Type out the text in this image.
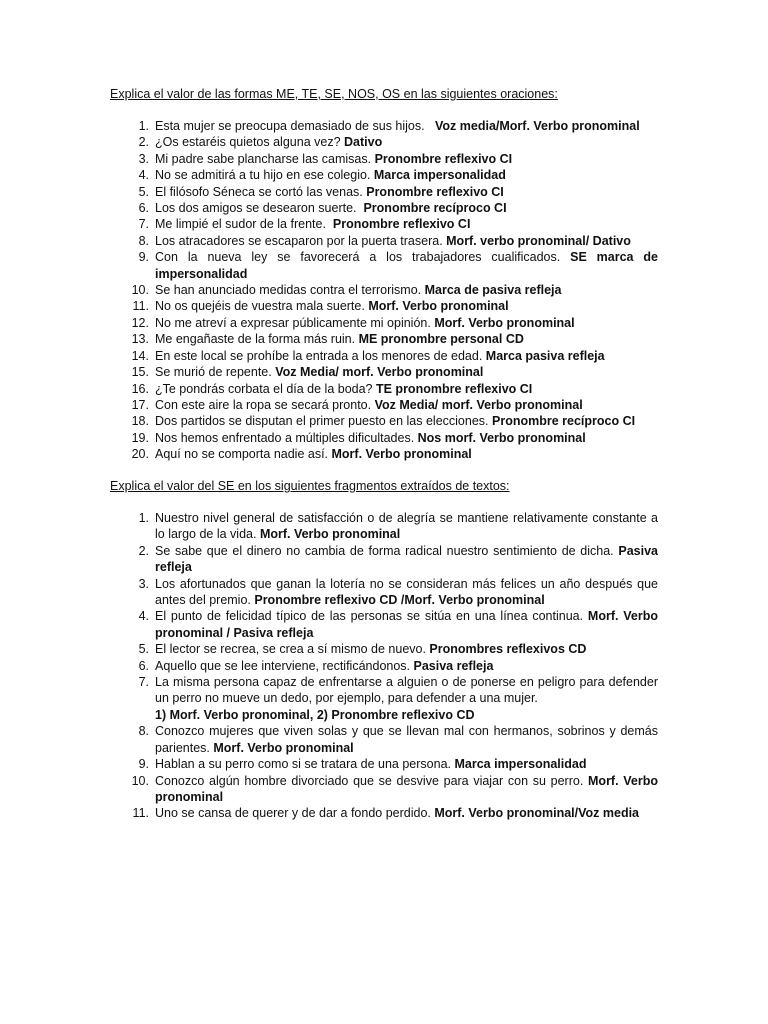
Explica el valor de las formas ME, TE, SE, NOS, OS en las siguientes oraciones:

1. Esta mujer se preocupa demasiado de sus hijos.   Voz media/Morf. Verbo pronominal
2. ¿Os estaréis quietos alguna vez? Dativo
3. Mi padre sabe plancharse las camisas. Pronombre reflexivo CI
4. No se admitirá a tu hijo en ese colegio. Marca impersonalidad
5. El filósofo Séneca se cortó las venas. Pronombre reflexivo CI
6. Los dos amigos se desearon suerte.  Pronombre recíproco CI
7. Me limpié el sudor de la frente.  Pronombre reflexivo CI
8. Los atracadores se escaparon por la puerta trasera. Morf. verbo pronominal/ Dativo
9. Con la nueva ley se favorecerá a los trabajadores cualificados. SE marca de impersonalidad
10. Se han anunciado medidas contra el terrorismo. Marca de pasiva refleja
11. No os quejéis de vuestra mala suerte. Morf. Verbo pronominal
12. No me atreví a expresar públicamente mi opinión. Morf. Verbo pronominal
13. Me engañaste de la forma más ruin. ME pronombre personal CD
14. En este local se prohíbe la entrada a los menores de edad. Marca pasiva refleja
15. Se murió de repente. Voz Media/ morf. Verbo pronominal
16. ¿Te pondrás corbata el día de la boda? TE pronombre reflexivo CI
17. Con este aire la ropa se secará pronto. Voz Media/ morf. Verbo pronominal
18. Dos partidos se disputan el primer puesto en las elecciones. Pronombre recíproco CI
19. Nos hemos enfrentado a múltiples dificultades. Nos morf. Verbo pronominal
20. Aquí no se comporta nadie así. Morf. Verbo pronominal

Explica el valor del SE en los siguientes fragmentos extraídos de textos:

1. Nuestro nivel general de satisfacción o de alegría se mantiene relativamente constante a lo largo de la vida. Morf. Verbo pronominal
2. Se sabe que el dinero no cambia de forma radical nuestro sentimiento de dicha. Pasiva refleja
3. Los afortunados que ganan la lotería no se consideran más felices un año después que antes del premio. Pronombre reflexivo CD /Morf. Verbo pronominal
4. El punto de felicidad típico de las personas se sitúa en una línea continua. Morf. Verbo pronominal / Pasiva refleja
5. El lector se recrea, se crea a sí mismo de nuevo. Pronombres reflexivos CD
6. Aquello que se lee interviene, rectificándonos. Pasiva refleja
7. La misma persona capaz de enfrentarse a alguien o de ponerse en peligro para defender un perro no mueve un dedo, por ejemplo, para defender a una mujer.
1) Morf. Verbo pronominal, 2) Pronombre reflexivo CD
8. Conozco mujeres que viven solas y que se llevan mal con hermanos, sobrinos y demás parientes. Morf. Verbo pronominal
9. Hablan a su perro como si se tratara de una persona. Marca impersonalidad
10. Conozco algún hombre divorciado que se desvive para viajar con su perro. Morf. Verbo pronominal
11. Uno se cansa de querer y de dar a fondo perdido. Morf. Verbo pronominal/Voz media
